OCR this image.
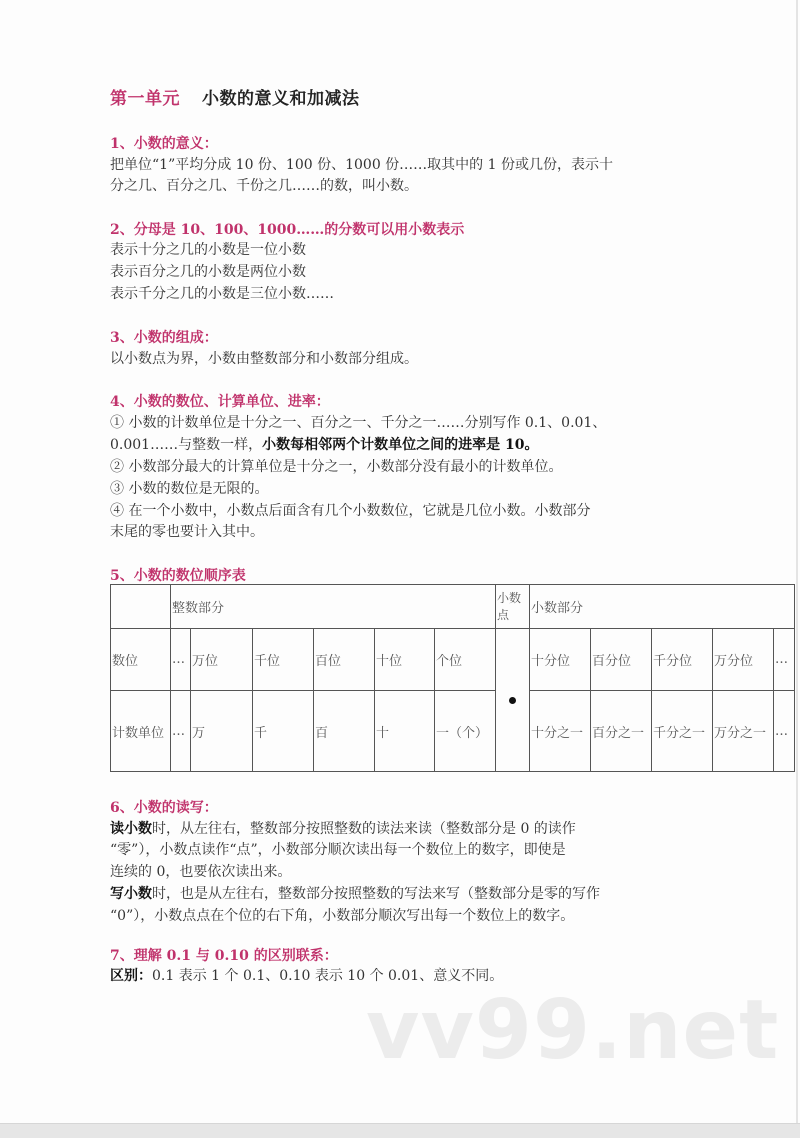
第一单元 小数的意义和加减法
1、小数的意义：
把单位“1”平均分成 10 份、100 份、1000 份……取其中的 1 份或几份，表示十
分之几、百分之几、千份之几……的数，叫小数。
2、分母是 10、100、1000……的分数可以用小数表示
表示十分之几的小数是一位小数
表示百分之几的小数是两位小数
表示千分之几的小数是三位小数……
3、小数的组成：
以小数点为界，小数由整数部分和小数部分组成。
4、小数的数位、计算单位、进率：
① 小数的计数单位是十分之一、百分之一、千分之一……分别写作 0.1、0.01、
0.001……与整数一样，小数每相邻两个计数单位之间的进率是 10。
② 小数部分最大的计算单位是十分之一，小数部分没有最小的计数单位。
③ 小数的数位是无限的。
④ 在一个小数中，小数点后面含有几个小数数位，它就是几位小数。小数部分
末尾的零也要计入其中。
5、小数的数位顺序表
6、小数的读写：
读小数时，从左往右，整数部分按照整数的读法来读（整数部分是 0 的读作
“零”），小数点读作“点”，小数部分顺次读出每一个数位上的数字，即使是
连续的 0，也要依次读出来。
写小数时，也是从左往右，整数部分按照整数的写法来写（整数部分是零的写作
“0”），小数点点在个位的右下角，小数部分顺次写出每一个数位上的数字。
7、理解 0.1 与 0.10 的区别联系：
区别：0.1 表示 1 个 0.1、0.10 表示 10 个 0.01、意义不同。
	整数部分						小数点	小数部分				
数位	…	万位	千位	百位	十位	个位		十分位	百分位	千分位	万分位	…
计数单位	…	万	千	百	十	一（个）		十分之一	百分之一	千分之一	万分之一	…
vv99.net
